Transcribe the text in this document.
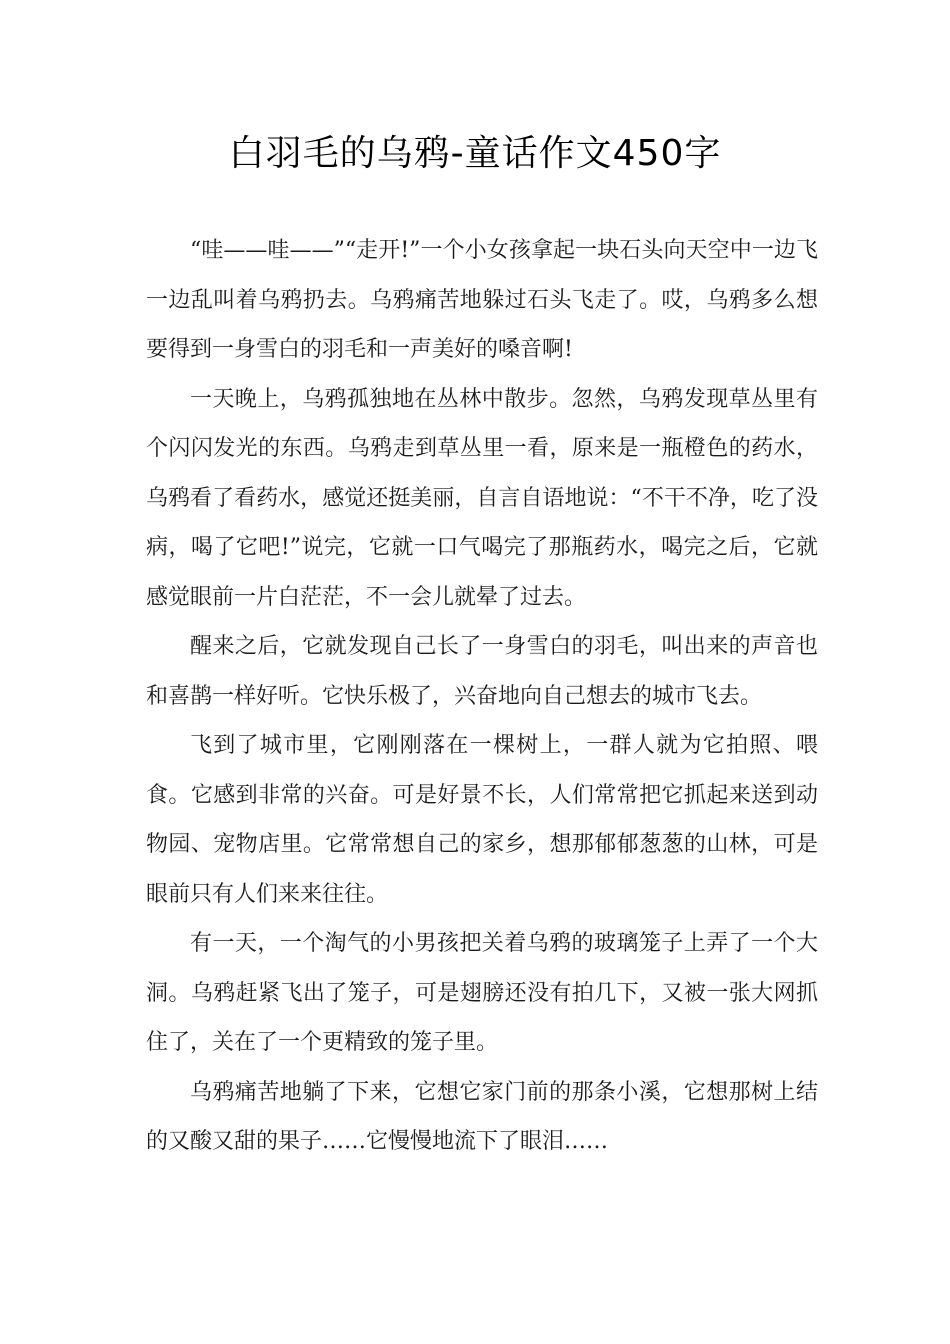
白羽毛的乌鸦-童话作文450字

“哇——哇——”“走开!”一个小女孩拿起一块石头向天空中一边飞一边乱叫着乌鸦扔去。乌鸦痛苦地躲过石头飞走了。哎，乌鸦多么想要得到一身雪白的羽毛和一声美好的嗓音啊!

一天晚上，乌鸦孤独地在丛林中散步。忽然，乌鸦发现草丛里有个闪闪发光的东西。乌鸦走到草丛里一看，原来是一瓶橙色的药水，乌鸦看了看药水，感觉还挺美丽，自言自语地说：“不干不净，吃了没病，喝了它吧!”说完，它就一口气喝完了那瓶药水，喝完之后，它就感觉眼前一片白茫茫，不一会儿就晕了过去。

醒来之后，它就发现自己长了一身雪白的羽毛，叫出来的声音也和喜鹊一样好听。它快乐极了，兴奋地向自己想去的城市飞去。

飞到了城市里，它刚刚落在一棵树上，一群人就为它拍照、喂食。它感到非常的兴奋。可是好景不长，人们常常把它抓起来送到动物园、宠物店里。它常常想自己的家乡，想那郁郁葱葱的山林，可是眼前只有人们来来往往。

有一天，一个淘气的小男孩把关着乌鸦的玻璃笼子上弄了一个大洞。乌鸦赶紧飞出了笼子，可是翅膀还没有拍几下，又被一张大网抓住了，关在了一个更精致的笼子里。

乌鸦痛苦地躺了下来，它想它家门前的那条小溪，它想那树上结的又酸又甜的果子……它慢慢地流下了眼泪……
